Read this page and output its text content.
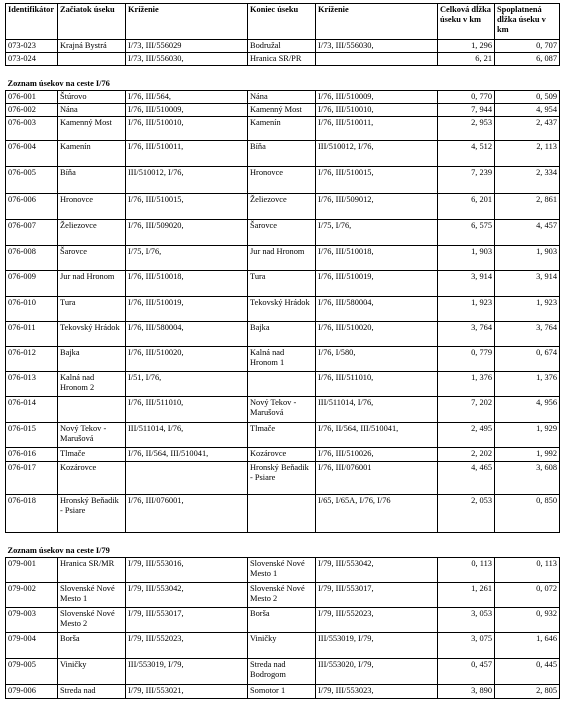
Identifikátor	Začiatok úseku	Kríženie	Koniec úseku	Kríženie	Celková dĺžka úseku v km	Spoplatnená dĺžka úseku v km
073-023	Krajná Bystrá	I/73, III/556029	Bodružal	I/73, III/556030,	1, 296	0, 707
073-024		I/73, III/556030,	Hranica SR/PR		6, 21	6, 087
Zoznam úsekov na ceste I/76						
076-001	Štúrovo	I/76, III/564,	Nána	I/76, III/510009,	0, 770	0, 509
076-002	Nána	I/76, III/510009,	Kamenný Most	I/76, III/510010,	7, 944	4, 954
076-003	Kamenný Most	I/76, III/510010,	Kamenín	I/76, III/510011,	2, 953	2, 437
076-004	Kamenín	I/76, III/510011,	Bíňa	III/510012, I/76,	4, 512	2, 113
076-005	Bíňa	III/510012, I/76,	Hronovce	I/76, III/510015,	7, 239	2, 334
076-006	Hronovce	I/76, III/510015,	Želiezovce	I/76, III/509012,	6, 201	2, 861
076-007	Želiezovce	I/76, III/509020,	Šarovce	I/75, I/76,	6, 575	4, 457
076-008	Šarovce	I/75, I/76,	Jur nad Hronom	I/76, III/510018,	1, 903	1, 903
076-009	Jur nad Hronom	I/76, III/510018,	Tura	I/76, III/510019,	3, 914	3, 914
076-010	Tura	I/76, III/510019,	Tekovský Hrádok	I/76, III/580004,	1, 923	1, 923
076-011	Tekovský Hrádok	I/76, III/580004,	Bajka	I/76, III/510020,	3, 764	3, 764
076-012	Bajka	I/76, III/510020,	Kalná nad Hronom 1	I/76, I/580,	0, 779	0, 674
076-013	Kalná nad Hronom 2	I/51, I/76,		I/76, III/511010,	1, 376	1, 376
076-014		I/76, III/511010,	Nový Tekov - Marušová	III/511014, I/76,	7, 202	4, 956
076-015	Nový Tekov - Marušová	III/511014, I/76,	Tlmače	I/76, II/564, III/510041,	2, 495	1, 929
076-016	Tlmače	I/76, II/564, III/510041,	Kozárovce	I/76, III/510026,	2, 202	1, 992
076-017	Kozárovce		Hronský Beňadik - Psiare	I/76, III/076001	4, 465	3, 608
076-018	Hronský Beňadik - Psiare	I/76, III/076001,		I/65, I/65A, I/76, I/76	2, 053	0, 850
Zoznam úsekov na ceste I/79						
079-001	Hranica SR/MR	I/79, III/553016,	Slovenské Nové Mesto 1	I/79, III/553042,	0, 113	0, 113
079-002	Slovenské Nové Mesto 1	I/79, III/553042,	Slovenské Nové Mesto 2	I/79, III/553017,	1, 261	0, 072
079-003	Slovenské Nové Mesto 2	I/79, III/553017,	Borša	I/79, III/552023,	3, 053	0, 932
079-004	Borša	I/79, III/552023,	Viničky	III/553019, I/79,	3, 075	1, 646
079-005	Viničky	III/553019, I/79,	Streda nad Bodrogom	III/553020, I/79,	0, 457	0, 445
079-006	Streda nad	I/79, III/553021,	Somotor 1	I/79, III/553023,	3, 890	2, 805
